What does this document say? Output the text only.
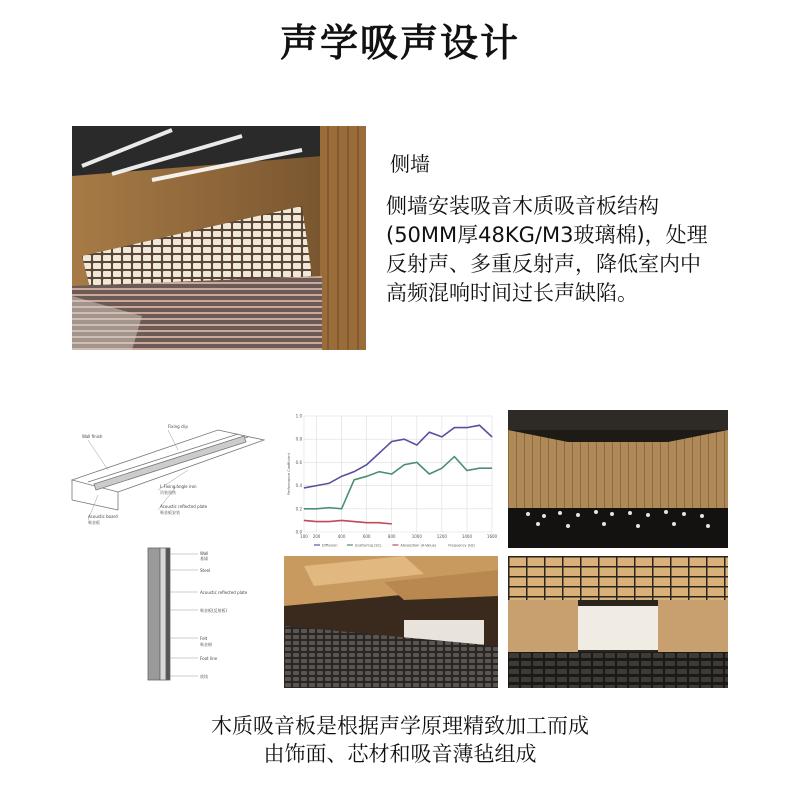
声学吸声设计
侧墙
侧墙安装吸音木质吸音板结构(50MM厚48KG/M3玻璃棉)，处理反射声、多重反射声，降低室内中高频混响时间过长声缺陷。
Wall finish
Fixing clip
L-Fixing angle iron
吊装角铁
Acoustic reflected plate
吸音板安装
Acoustic board
吸音板
Wall
基墙
Steel
Acoustic reflected plate
吸音板(反射板)
Felt
吸音棉
Foot line
底线
0.0
0.2
0.4
0.6
0.8
1.0
100 200	400	600	800	1000	1200	1400	1600
Performance Coefficient
Diffusion	Scattering (SC)	Absorption (A-Value)	Frequency (Hz)
木质吸音板是根据声学原理精致加工而成
由饰面、芯材和吸音薄毡组成
